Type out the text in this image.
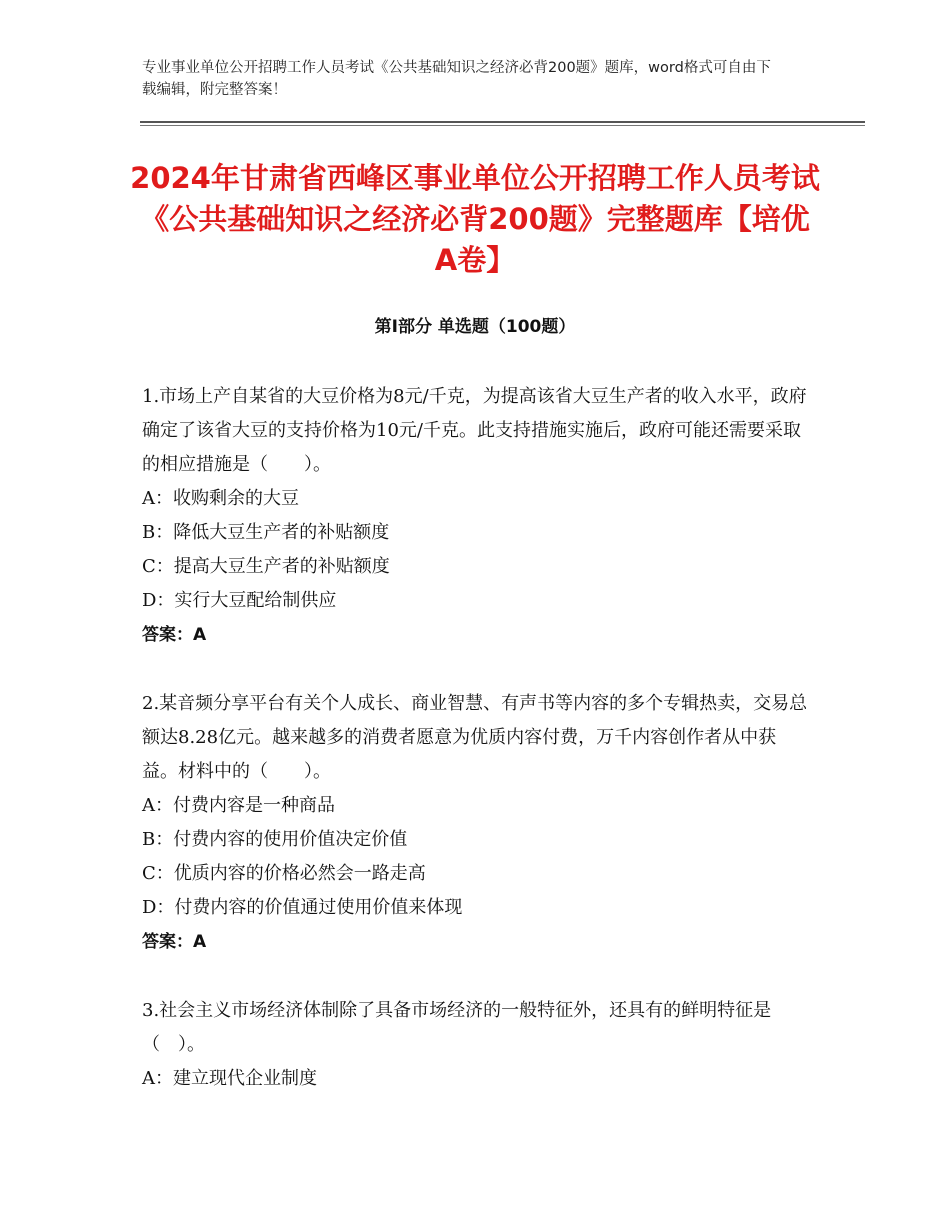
专业事业单位公开招聘工作人员考试《公共基础知识之经济必背200题》题库，word格式可自由下载编辑，附完整答案！
2024年甘肃省西峰区事业单位公开招聘工作人员考试《公共基础知识之经济必背200题》完整题库【培优A卷】
第Ⅰ部分 单选题（100题）

1.市场上产自某省的大豆价格为8元/千克，为提高该省大豆生产者的收入水平，政府确定了该省大豆的支持价格为10元/千克。此支持措施实施后，政府可能还需要采取的相应措施是（　　）。

A：收购剩余的大豆

B：降低大豆生产者的补贴额度

C：提高大豆生产者的补贴额度

D：实行大豆配给制供应

答案：A

2.某音频分享平台有关个人成长、商业智慧、有声书等内容的多个专辑热卖，交易总额达8.28亿元。越来越多的消费者愿意为优质内容付费，万千内容创作者从中获益。材料中的（　　）。

A：付费内容是一种商品

B：付费内容的使用价值决定价值

C：优质内容的价格必然会一路走高

D：付费内容的价值通过使用价值来体现

答案：A

3.社会主义市场经济体制除了具备市场经济的一般特征外，还具有的鲜明特征是（　）。

A：建立现代企业制度
